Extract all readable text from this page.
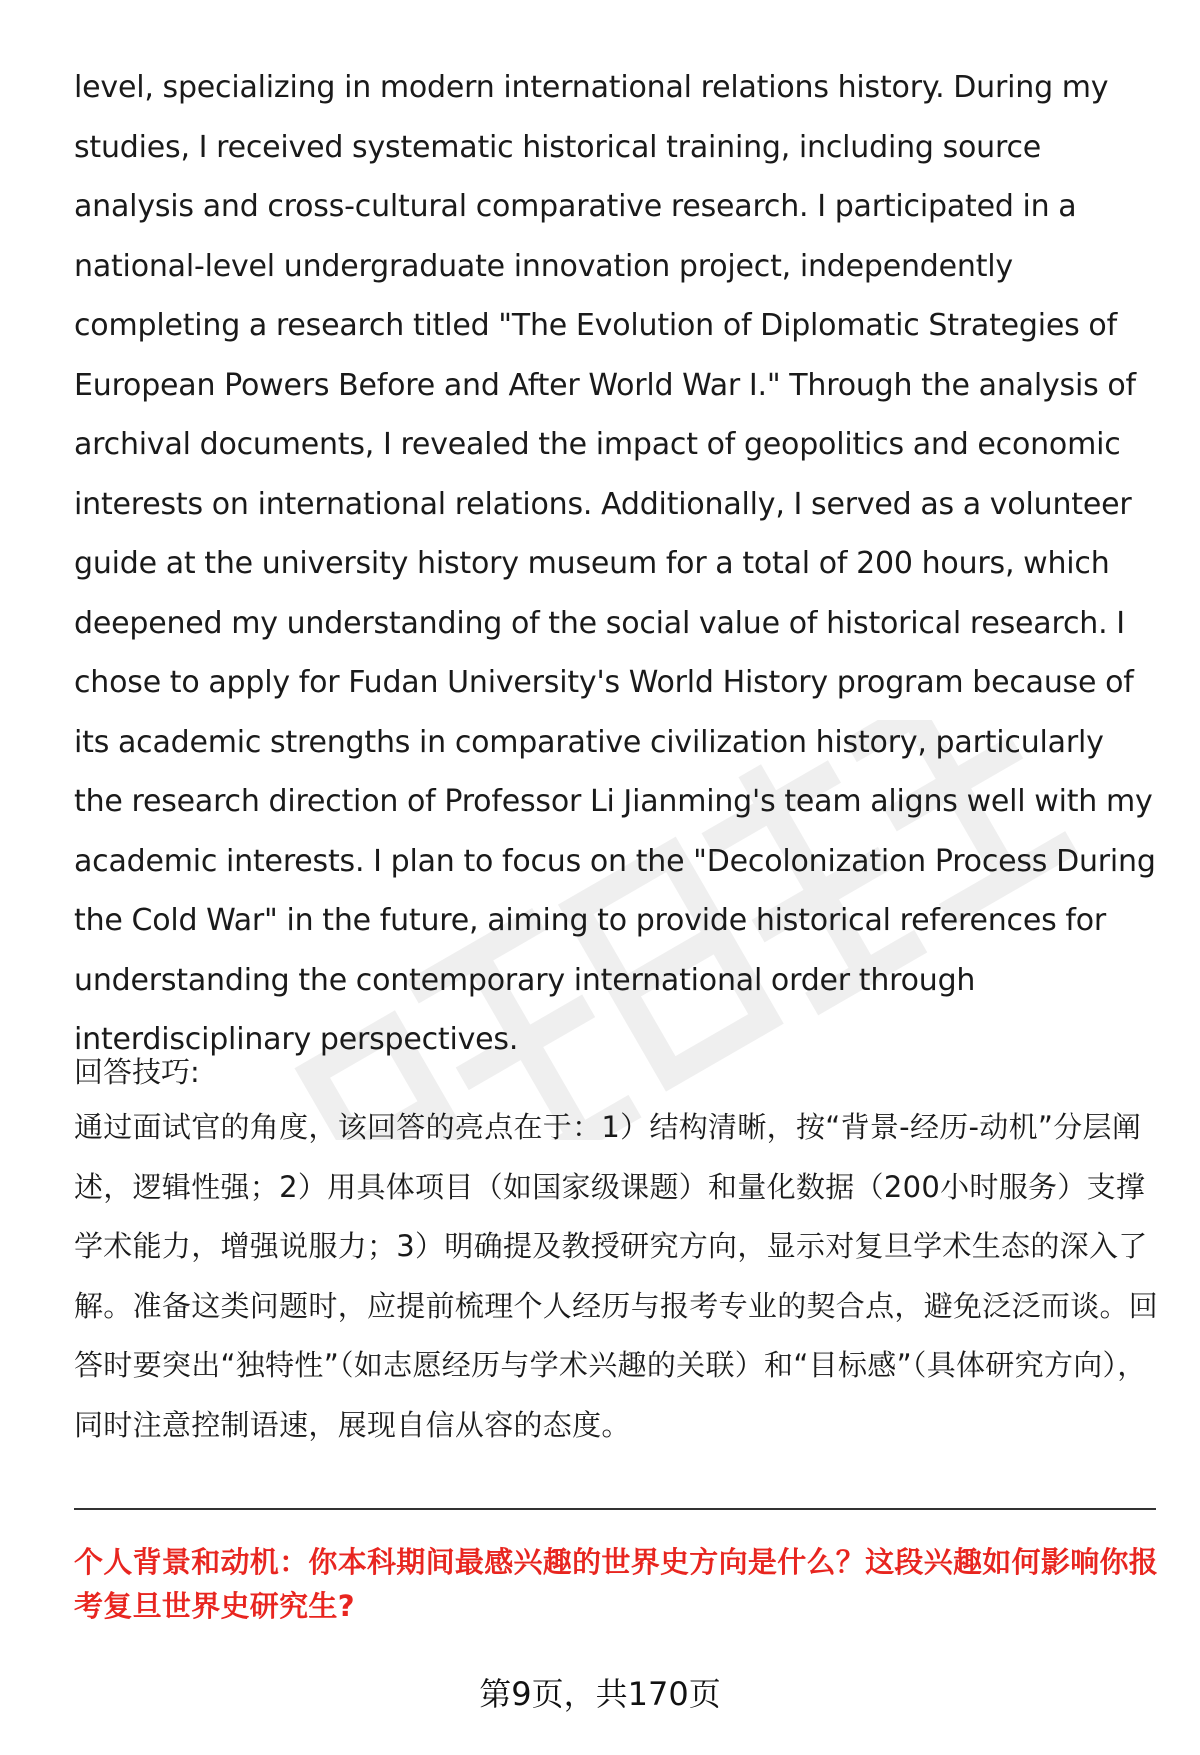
level, specializing in modern international relations history. During my studies, I received systematic historical training, including source analysis and cross-cultural comparative research. I participated in a national-level undergraduate innovation project, independently completing a research titled "The Evolution of Diplomatic Strategies of European Powers Before and After World War I." Through the analysis of archival documents, I revealed the impact of geopolitics and economic interests on international relations. Additionally, I served as a volunteer guide at the university history museum for a total of 200 hours, which deepened my understanding of the social value of historical research. I chose to apply for Fudan University's World History program because of its academic strengths in comparative civilization history, particularly the research direction of Professor Li Jianming's team aligns well with my academic interests. I plan to focus on the "Decolonization Process During the Cold War" in the future, aiming to provide historical references for understanding the contemporary international order through interdisciplinary perspectives.

回答技巧:

通过面试官的角度，该回答的亮点在于：1）结构清晰，按“背景-经历-动机”分层阐述，逻辑性强；2）用具体项目（如国家级课题）和量化数据（200小时服务）支撑学术能力，增强说服力；3）明确提及教授研究方向，显示对复旦学术生态的深入了解。准备这类问题时，应提前梳理个人经历与报考专业的契合点，避免泛泛而谈。回答时要突出“独特性”（如志愿经历与学术兴趣的关联）和“目标感”（具体研究方向），同时注意控制语速，展现自信从容的态度。

个人背景和动机：你本科期间最感兴趣的世界史方向是什么？这段兴趣如何影响你报考复旦世界史研究生?

第9页，共170页
